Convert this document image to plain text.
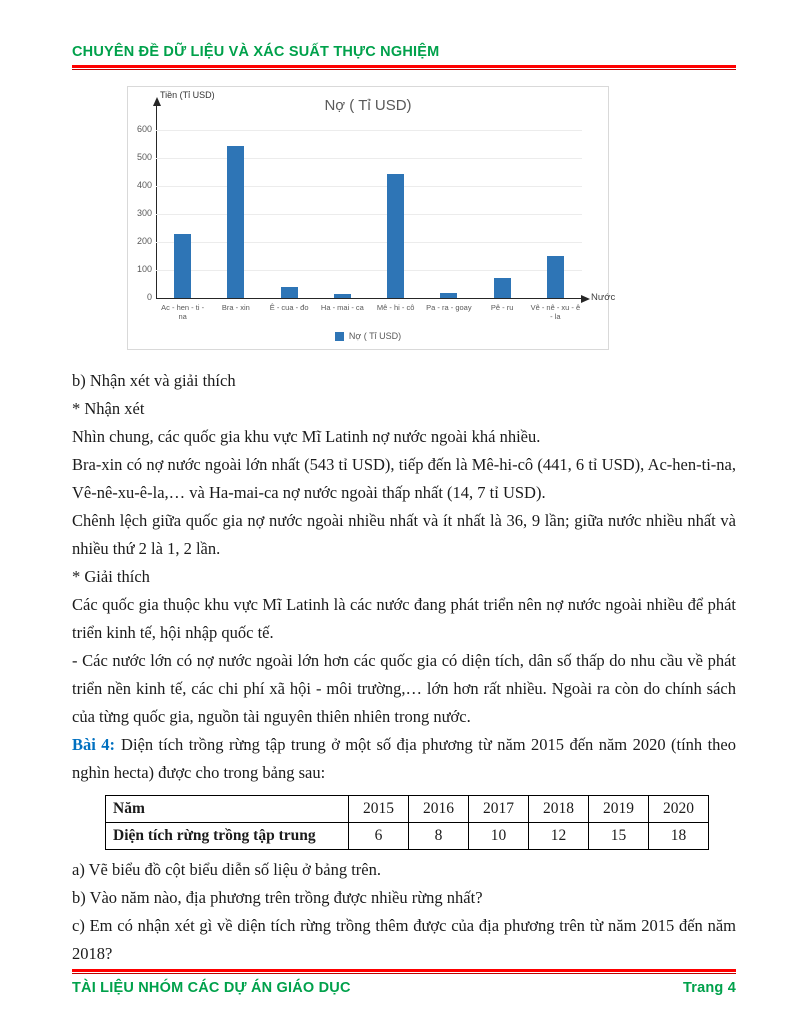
CHUYÊN ĐỀ DỮ LIỆU VÀ XÁC SUẤT THỰC NGHIỆM
Tiền (Tỉ USD)
Nợ ( Tỉ USD)
0
100
200
300
400
500
600
Ac - hen - ti - na
Bra - xin	Ê - cua - đo	Ha - mai - ca	Mê - hi - cô	Pa - ra - goay	Pê - ru	Vê - nê - xu - ê - la
Nước
Nợ ( Tỉ USD)

b) Nhận xét và giải thích

* Nhận xét

Nhìn chung, các quốc gia khu vực Mĩ Latinh nợ nước ngoài khá nhiều.

Bra-xin có nợ nước ngoài lớn nhất (543 tỉ USD), tiếp đến là Mê-hi-cô (441, 6 tỉ USD), Ac-hen-ti-na, Vê-nê-xu-ê-la,… và Ha-mai-ca nợ nước ngoài thấp nhất (14, 7 tỉ USD).

Chênh lệch giữa quốc gia nợ nước ngoài nhiều nhất và ít nhất là 36, 9 lần; giữa nước nhiều nhất và nhiều thứ 2 là 1, 2 lần.

* Giải thích

Các quốc gia thuộc khu vực Mĩ Latinh là các nước đang phát triển nên nợ nước ngoài nhiều để phát triển kinh tế, hội nhập quốc tế.

- Các nước lớn có nợ nước ngoài lớn hơn các quốc gia có diện tích, dân số thấp do nhu cầu về phát triển nền kinh tế, các chi phí xã hội - môi trường,… lớn hơn rất nhiều. Ngoài ra còn do chính sách của từng quốc gia, nguồn tài nguyên thiên nhiên trong nước.

Bài 4: Diện tích trồng rừng tập trung ở một số địa phương từ năm 2015 đến năm 2020 (tính theo nghìn hecta) được cho trong bảng sau:

Năm	2015	2016	2017	2018	2019	2020
Diện tích rừng trồng tập trung	6	8	10	12	15	18

a) Vẽ biểu đồ cột biểu diễn số liệu ở bảng trên.

b) Vào năm nào, địa phương trên trồng được nhiều rừng nhất?

c) Em có nhận xét gì về diện tích rừng trồng thêm được của địa phương trên từ năm 2015 đến năm 2018?

TÀI LIỆU NHÓM CÁC DỰ ÁN GIÁO DỤC	Trang 4
